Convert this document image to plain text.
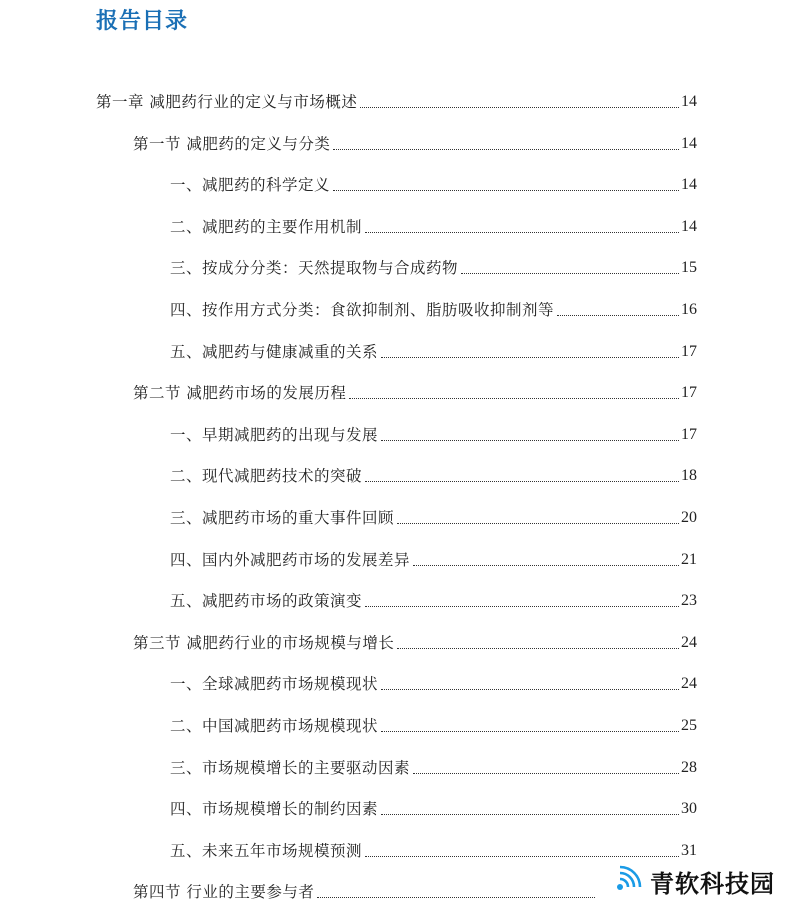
报告目录
第一章 减肥药行业的定义与市场概述	14
第一节 减肥药的定义与分类	14
一、减肥药的科学定义	14
二、减肥药的主要作用机制	14
三、按成分分类：天然提取物与合成药物	15
四、按作用方式分类：食欲抑制剂、脂肪吸收抑制剂等	16
五、减肥药与健康减重的关系	17
第二节 减肥药市场的发展历程	17
一、早期减肥药的出现与发展	17
二、现代减肥药技术的突破	18
三、减肥药市场的重大事件回顾	20
四、国内外减肥药市场的发展差异	21
五、减肥药市场的政策演变	23
第三节 减肥药行业的市场规模与增长	24
一、全球减肥药市场规模现状	24
二、中国减肥药市场规模现状	25
三、市场规模增长的主要驱动因素	28
四、市场规模增长的制约因素	30
五、未来五年市场规模预测	31
第四节 行业的主要参与者	青软科技园
